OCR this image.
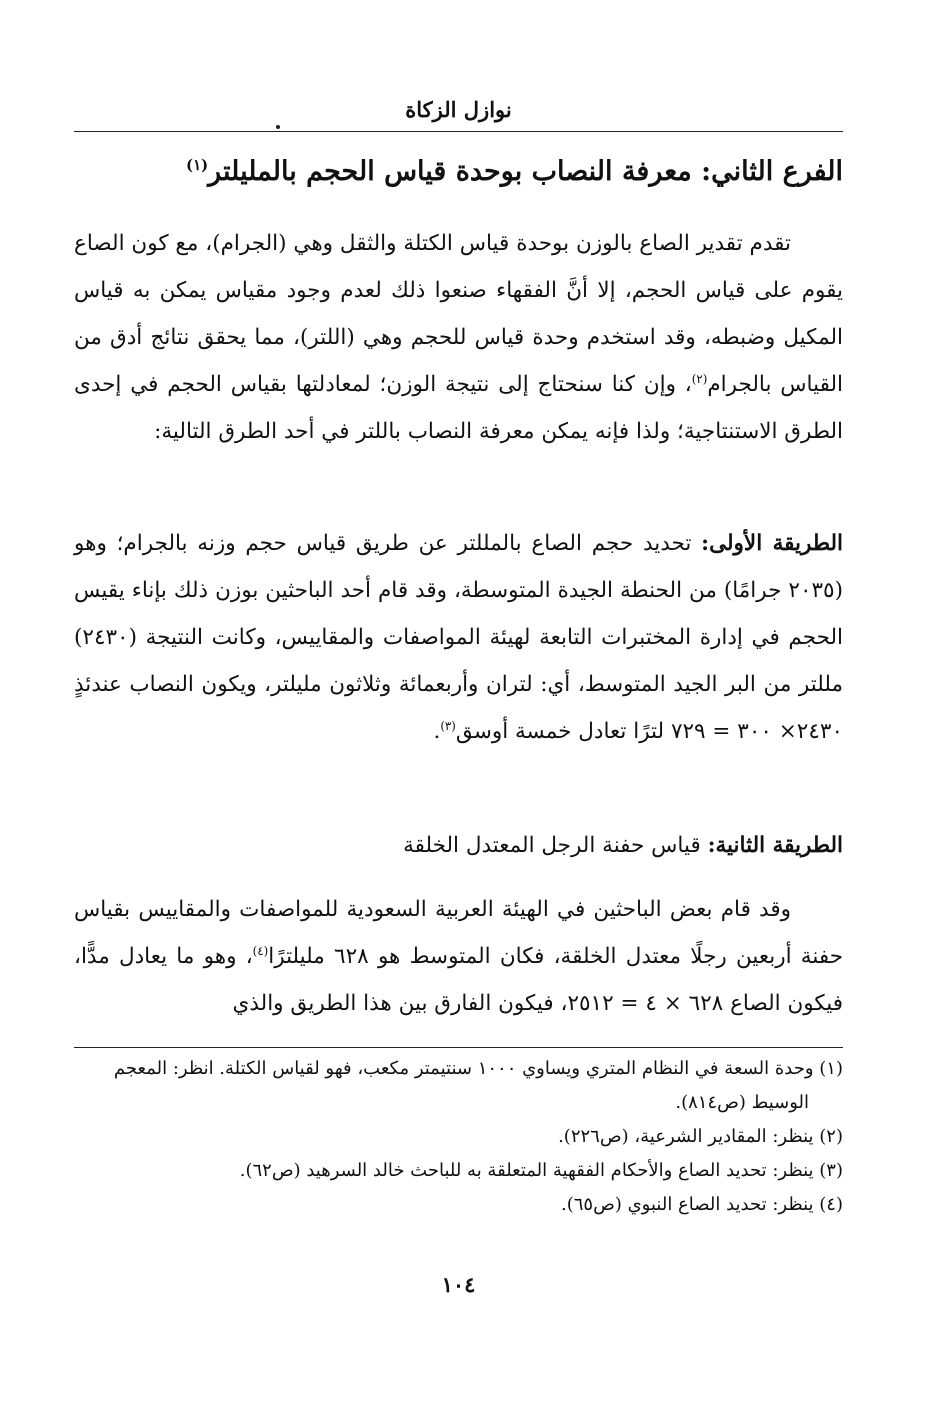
نوازل الزكاة
الفرع الثاني: معرفة النصاب بوحدة قياس الحجم بالمليلتر$^{(١)}$
تقدم تقدير الصاع بالوزن بوحدة قياس الكتلة والثقل وهي (الجرام)، مع كون الصاع يقوم على قياس الحجم، إلا أنَّ الفقهاء صنعوا ذلك لعدم وجود مقياس يمكن به قياس المكيل وضبطه، وقد استخدم وحدة قياس للحجم وهي (اللتر)، مما يحقق نتائج أدق من القياس بالجرام$^{(٢)}$، وإن كنا سنحتاج إلى نتيجة الوزن؛ لمعادلتها بقياس الحجم في إحدى الطرق الاستنتاجية؛ ولذا فإنه يمكن معرفة النصاب باللتر في أحد الطرق التالية:
الطريقة الأولى: تحديد حجم الصاع بالمللتر عن طريق قياس حجم وزنه بالجرام؛ وهو (٢٠٣٥ جرامًا) من الحنطة الجيدة المتوسطة، وقد قام أحد الباحثين بوزن ذلك بإناء يقيس الحجم في إدارة المختبرات التابعة لهيئة المواصفات والمقاييس، وكانت النتيجة (٢٤٣٠) مللتر من البر الجيد المتوسط، أي: لتران وأربعمائة وثلاثون مليلتر، ويكون النصاب عندئذٍ ٢٤٣٠× ٣٠٠ = ٧٢٩ لترًا تعادل خمسة أوسق$^{(٣)}$.
الطريقة الثانية: قياس حفنة الرجل المعتدل الخلقة
وقد قام بعض الباحثين في الهيئة العربية السعودية للمواصفات والمقاييس بقياس حفنة أربعين رجلًا معتدل الخلقة، فكان المتوسط هو ٦٢٨ مليلترًا$^{(٤)}$، وهو ما يعادل مدًّا، فيكون الصاع ٦٢٨ × ٤ = ٢٥١٢، فيكون الفارق بين هذا الطريق والذي
(١) وحدة السعة في النظام المتري ويساوي ١٠٠٠ سنتيمتر مكعب، فهو لقياس الكتلة. انظر: المعجم الوسيط (ص٨١٤).
(٢) ينظر: المقادير الشرعية، (ص٢٢٦).
(٣) ينظر: تحديد الصاع والأحكام الفقهية المتعلقة به للباحث خالد السرهيد (ص٦٢).
(٤) ينظر: تحديد الصاع النبوي (ص٦٥).
١٠٤
